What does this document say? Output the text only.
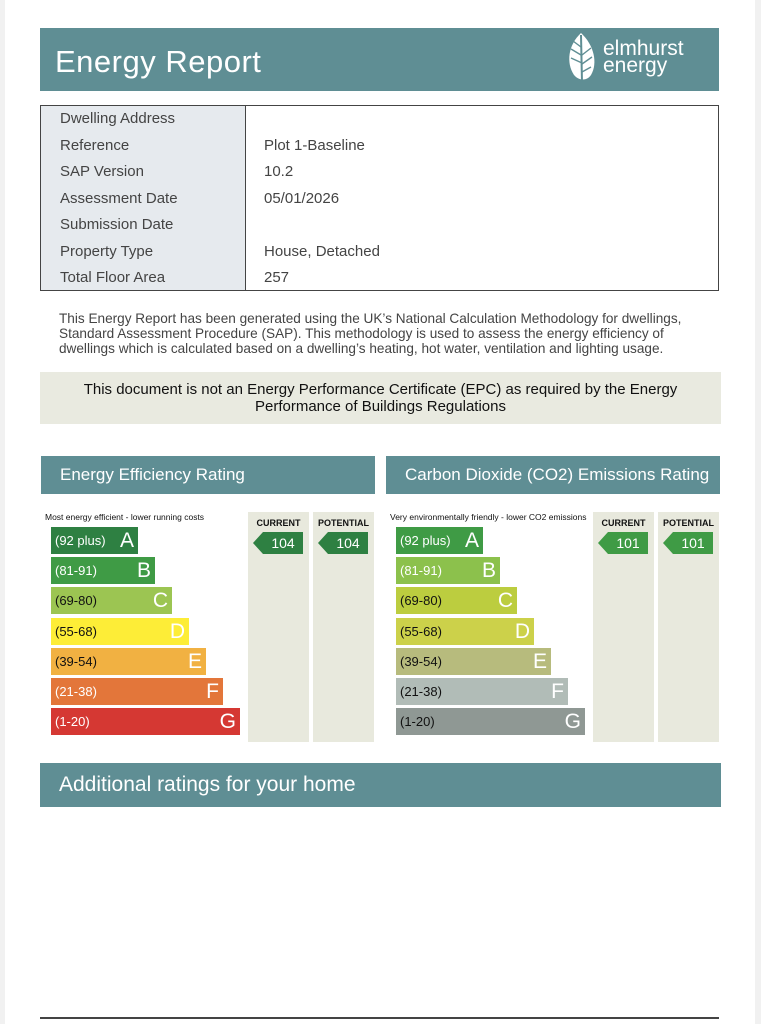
Energy Report	elmhurst
energy
Dwelling Address
Reference	Plot 1-Baseline
SAP Version	10.2
Assessment Date	05/01/2026
Submission Date
Property Type	House, Detached
Total Floor Area	257
This Energy Report has been generated using the UK’s National Calculation Methodology for dwellings, Standard Assessment Procedure (SAP). This methodology is used to assess the energy efficiency of dwellings which is calculated based on a dwelling’s heating, hot water, ventilation and lighting usage.
This document is not an Energy Performance Certificate (EPC) as required by the Energy Performance of Buildings Regulations
Energy Efficiency Rating	Carbon Dioxide (CO2) Emissions Rating
Most energy efficient - lower running costs
(92 plus) A
(81-91) B
(69-80)	C
(55-68)	D
(39-54)	E
(21-38)	F
(1-20)	G
CURRENT
104
POTENTIAL
104
Very environmentally friendly - lower CO2 emissions
(92 plus) A
(81-91) B
(69-80)	C
(55-68)	D
(39-54)	E
(21-38)	F
(1-20)	G
CURRENT
101
POTENTIAL
101
Additional ratings for your home
